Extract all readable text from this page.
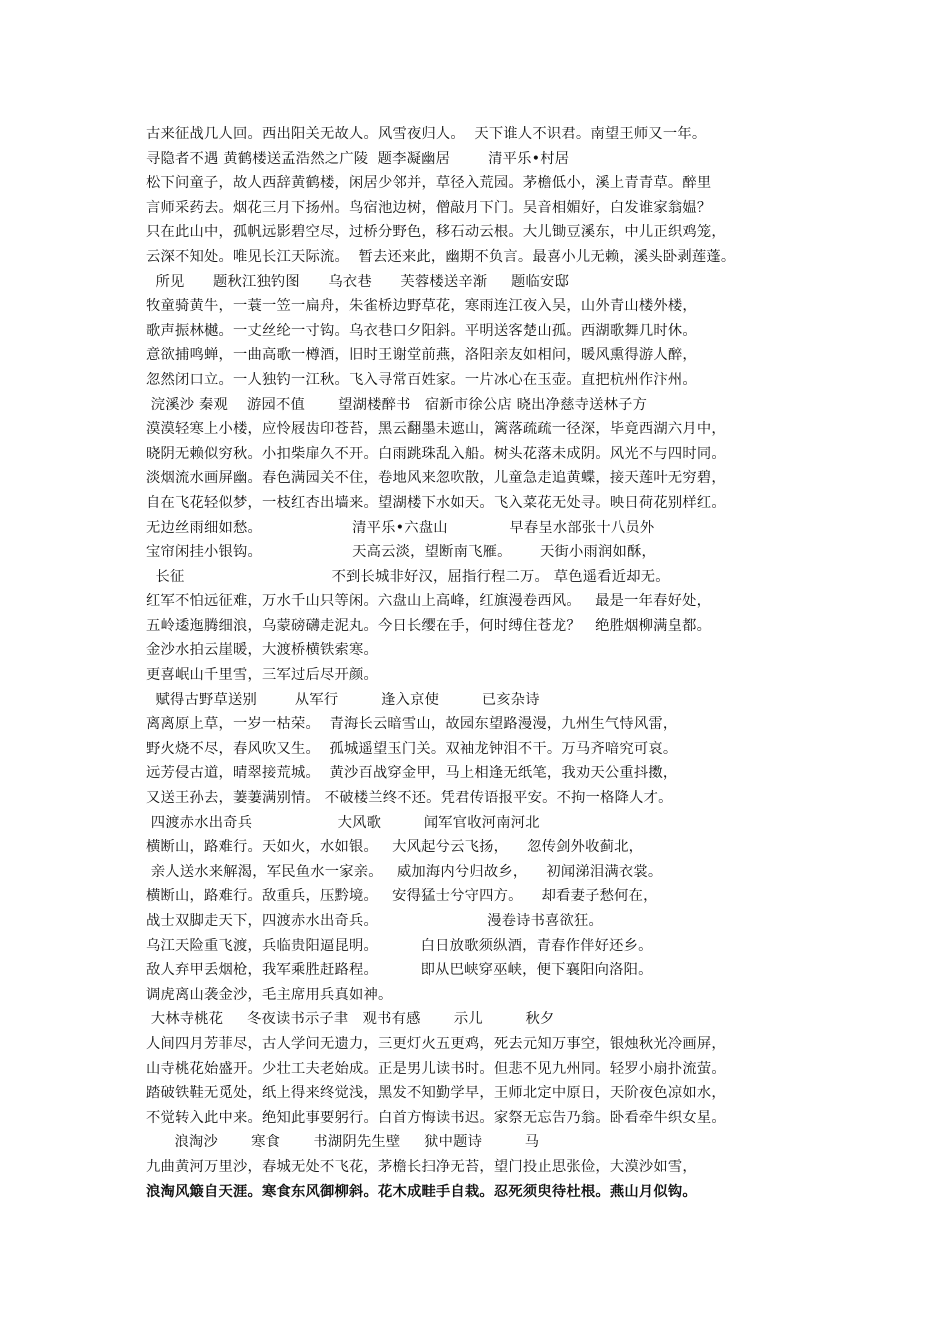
古来征战几人回。西出阳关无故人。风雪夜归人。  天下谁人不识君。南望王师又一年。
寻隐者不遇 黄鹤楼送孟浩然之广陵  题李凝幽居        清平乐•村居
松下问童子，故人西辞黄鹤楼，闲居少邻并，草径入荒园。茅檐低小，溪上青青草。醉里
言师采药去。烟花三月下扬州。鸟宿池边树，僧敲月下门。吴音相媚好，白发谁家翁媪？
只在此山中，孤帆远影碧空尽，过桥分野色，移石动云根。大儿锄豆溪东，中儿正织鸡笼，
云深不知处。唯见长江天际流。  暂去还来此，幽期不负言。最喜小儿无赖，溪头卧剥莲蓬。
所见      题秋江独钓图      乌衣巷      芙蓉楼送辛渐     题临安邸
牧童骑黄牛，一蓑一笠一扁舟，朱雀桥边野草花，寒雨连江夜入吴，山外青山楼外楼，
歌声振林樾。一丈丝纶一寸钩。乌衣巷口夕阳斜。平明送客楚山孤。西湖歌舞几时休。
意欲捕鸣蝉，一曲高歌一樽酒，旧时王谢堂前燕，洛阳亲友如相问，暖风熏得游人醉，
忽然闭口立。一人独钓一江秋。飞入寻常百姓家。一片冰心在玉壶。直把杭州作汴州。
浣溪沙 秦观    游园不值       望湖楼醉书   宿新市徐公店 晓出净慈寺送林子方
漠漠轻寒上小楼，应怜屐齿印苍苔，黑云翻墨未遮山，篱落疏疏一径深，毕竟西湖六月中，
晓阴无赖似穷秋。小扣柴扉久不开。白雨跳珠乱入船。树头花落未成阴。风光不与四时同。
淡烟流水画屏幽。春色满园关不住，卷地风来忽吹散，儿童急走追黄蝶，接天莲叶无穷碧，
自在飞花轻似梦，一枝红杏出墙来。望湖楼下水如天。飞入菜花无处寻。映日荷花别样红。
无边丝雨细如愁。                   清平乐•六盘山             早春呈水部张十八员外
宝帘闲挂小银钩。                   天高云淡，望断南飞雁。      天街小雨润如酥，
长征                               不到长城非好汉，屈指行程二万。 草色遥看近却无。
红军不怕远征难，万水千山只等闲。六盘山上高峰，红旗漫卷西风。   最是一年春好处，
五岭逶迤腾细浪，乌蒙磅礴走泥丸。今日长缨在手，何时缚住苍龙？   绝胜烟柳满皇都。
金沙水拍云崖暖，大渡桥横铁索寒。
更喜岷山千里雪，三军过后尽开颜。
赋得古野草送别        从军行         逢入京使         已亥杂诗
离离原上草，一岁一枯荣。  青海长云暗雪山，故园东望路漫漫，九州生气恃风雷，
野火烧不尽，春风吹又生。  孤城遥望玉门关。双袖龙钟泪不干。万马齐喑究可哀。
远芳侵古道，晴翠接荒城。  黄沙百战穿金甲，马上相逢无纸笔，我劝天公重抖擞，
又送王孙去，萋萋满别情。 不破楼兰终不还。凭君传语报平安。不拘一格降人才。
四渡赤水出奇兵                  大风歌         闻军官收河南河北
横断山，路难行。天如火，水如银。   大风起兮云飞扬，    忽传剑外收蓟北，
亲人送水来解渴，军民鱼水一家亲。   威加海内兮归故乡，    初闻涕泪满衣裳。
横断山，路难行。敌重兵，压黔境。   安得猛士兮守四方。    却看妻子愁何在，
战士双脚走天下，四渡赤水出奇兵。                       漫卷诗书喜欲狂。
乌江天险重飞渡，兵临贵阳逼昆明。         白日放歌须纵酒，青春作伴好还乡。
敌人弃甲丢烟枪，我军乘胜赶路程。         即从巴峡穿巫峡，便下襄阳向洛阳。
调虎离山袭金沙，毛主席用兵真如神。
大林寺桃花     冬夜读书示子聿   观书有感       示儿         秋夕
人间四月芳菲尽，古人学问无遗力，三更灯火五更鸡，死去元知万事空，银烛秋光冷画屏，
山寺桃花始盛开。少壮工夫老始成。正是男儿读书时。但悲不见九州同。轻罗小扇扑流萤。
踏破铁鞋无觅处，纸上得来终觉浅，黑发不知勤学早，王师北定中原日，天阶夜色凉如水，
不觉转入此中来。绝知此事要躬行。白首方悔读书迟。家祭无忘告乃翁。卧看牵牛织女星。
浪淘沙       寒食       书湖阴先生壁     狱中题诗         马
九曲黄河万里沙，春城无处不飞花，茅檐长扫净无苔，望门投止思张俭，大漠沙如雪，
浪淘风簸自天涯。寒食东风御柳斜。花木成畦手自栽。忍死须臾待杜根。燕山月似钩。
